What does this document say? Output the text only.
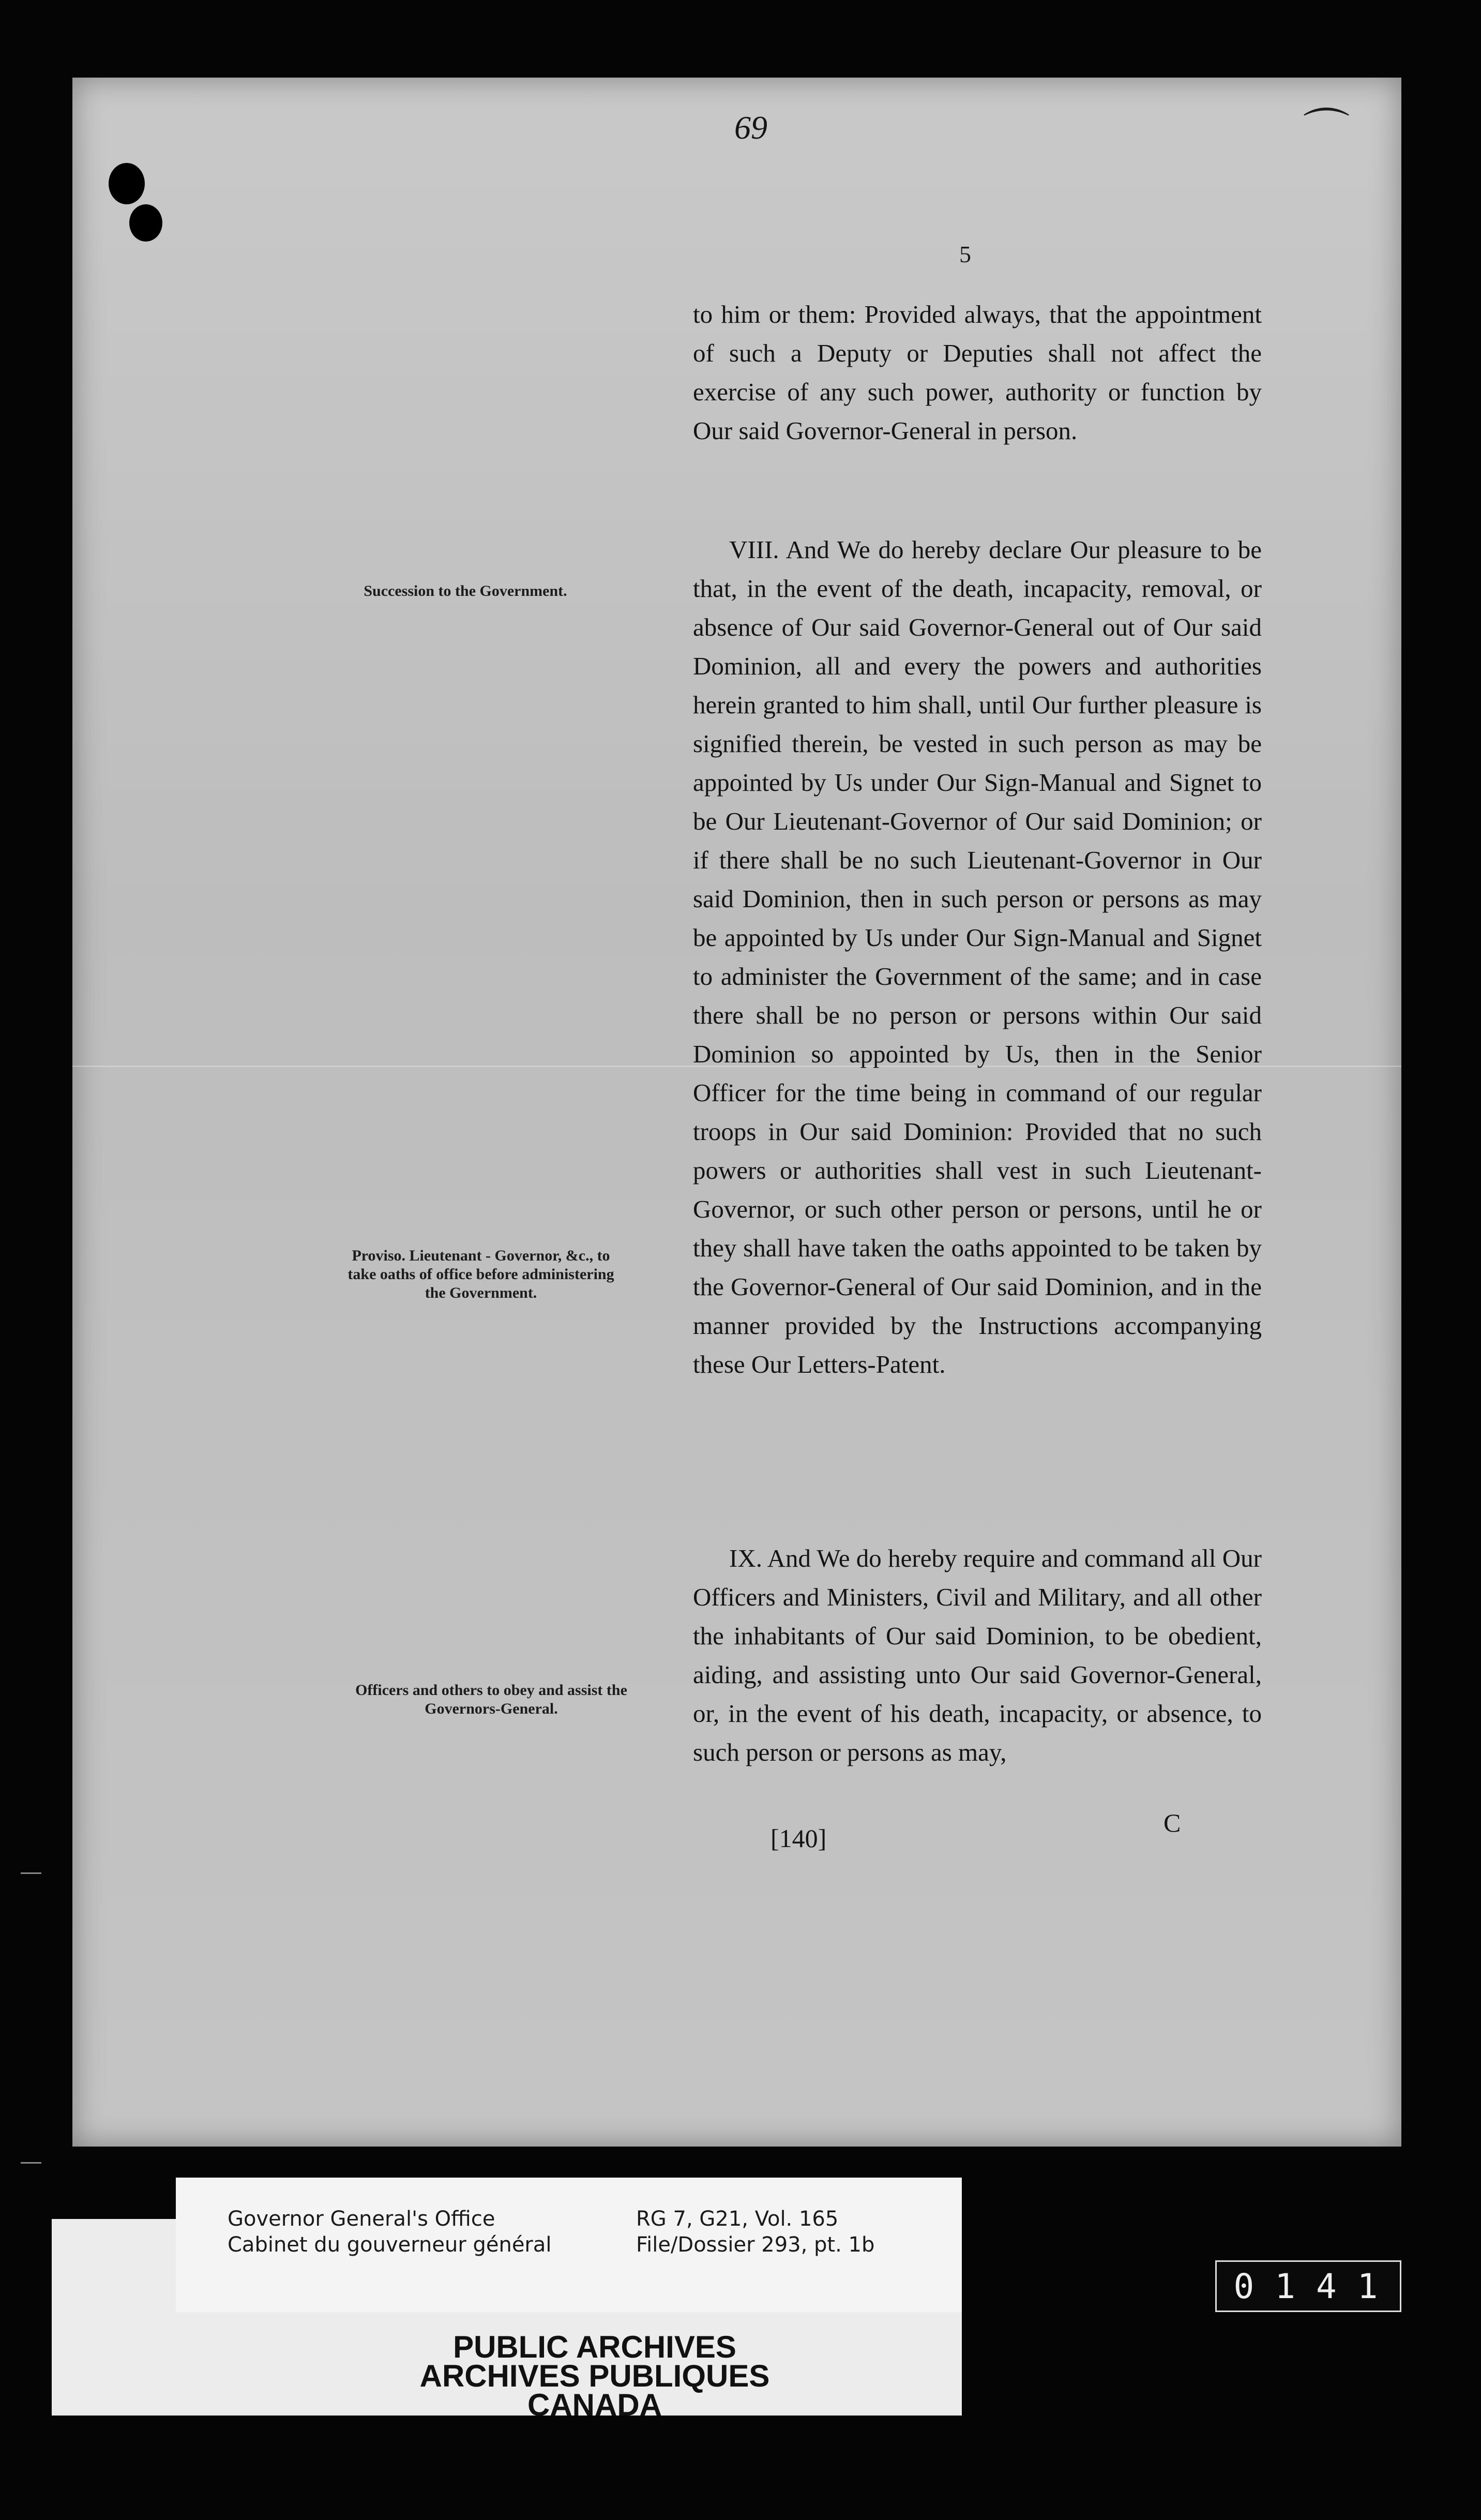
⌒
69
5

to him or them: Provided always, that the appointment of such a Deputy or Deputies shall not affect the exercise of any such power, authority or function by Our said Governor-General in person.

VIII. And We do hereby declare Our pleasure to be that, in the event of the death, incapacity, removal, or absence of Our said Governor-General out of Our said Dominion, all and every the powers and authorities herein granted to him shall, until Our further pleasure is signified therein, be vested in such person as may be appointed by Us under Our Sign-Manual and Signet to be Our Lieutenant-Governor of Our said Dominion; or if there shall be no such Lieutenant-Governor in Our said Dominion, then in such person or persons as may be appointed by Us under Our Sign-Manual and Signet to administer the Government of the same; and in case there shall be no person or persons within Our said Dominion so appointed by Us, then in the Senior Officer for the time being in command of our regular troops in Our said Dominion: Provided that no such powers or authorities shall vest in such Lieutenant-Governor, or such other person or persons, until he or they shall have taken the oaths appointed to be taken by the Governor-General of Our said Dominion, and in the manner provided by the Instructions accompanying these Our Letters-Patent.

IX. And We do hereby require and command all Our Officers and Ministers, Civil and Military, and all other the inhabitants of Our said Dominion, to be obedient, aiding, and assisting unto Our said Governor-General, or, in the event of his death, incapacity, or absence, to such person or persons as may,

Succession to the Government.

Proviso. Lieutenant - Governor, &c., to take oaths of office before administering the Government.

Officers and others to obey and assist the Governors-General.

[140]
C
Governor General's Office
Cabinet du gouverneur général
RG 7, G21, Vol. 165
File/Dossier 293, pt. 1b
PUBLIC ARCHIVES
ARCHIVES PUBLIQUES
CANADA
0141
